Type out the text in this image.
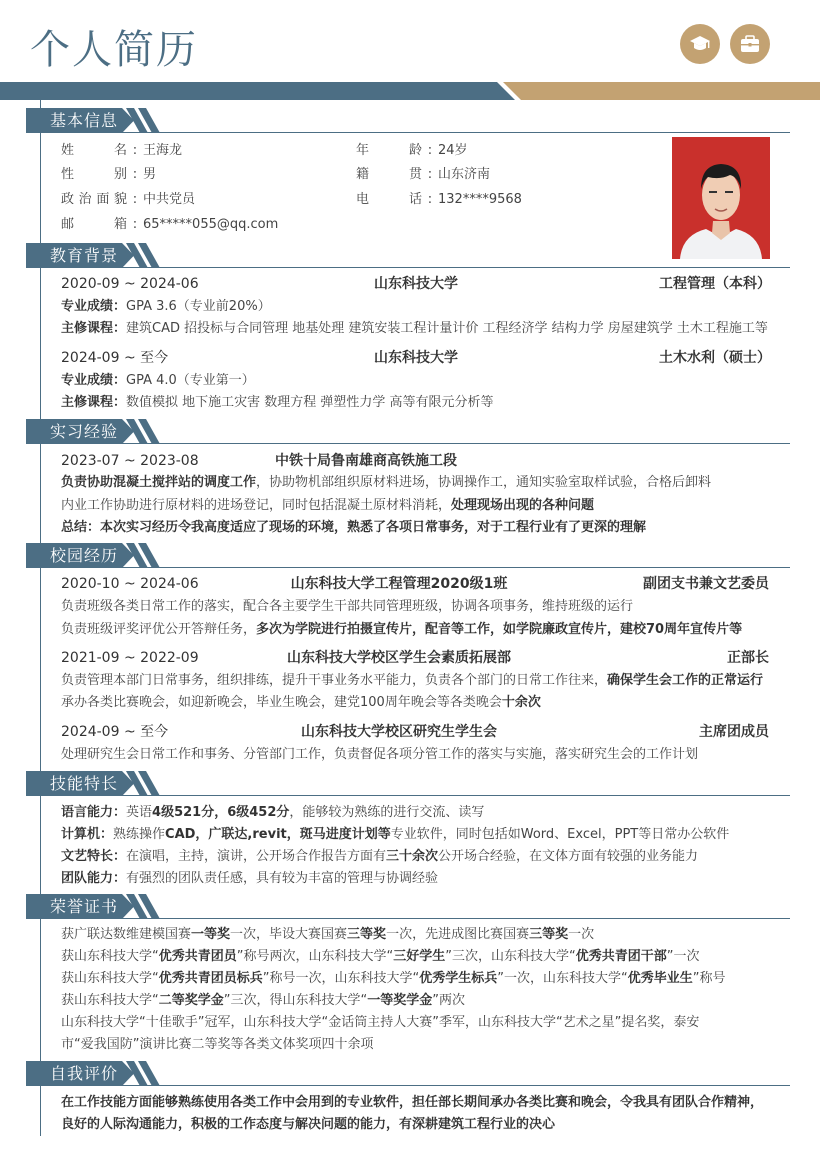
个人简历
基本信息
姓名 : 王海龙	年龄 : 24岁
性别 : 男	籍贯 : 山东济南
政治面貌 : 中共党员	电话 : 132****9568
邮箱 : 65*****055@qq.com
教育背景
2020-09 ~ 2024-06	山东科技大学	工程管理（本科）
专业成绩：GPA 3.6（专业前20%）
主修课程：建筑CAD 招投标与合同管理 地基处理 建筑安装工程计量计价 工程经济学 结构力学 房屋建筑学 土木工程施工等
2024-09 ~ 至今	山东科技大学	土木水利（硕士）
专业成绩：GPA 4.0（专业第一）
主修课程：数值模拟 地下施工灾害 数理方程 弹塑性力学 高等有限元分析等
实习经验
2023-07 ~ 2023-08	中铁十局鲁南雄商高铁施工段
负责协助混凝土搅拌站的调度工作，协助物机部组织原材料进场，协调操作工，通知实验室取样试验，合格后卸料
内业工作协助进行原材料的进场登记，同时包括混凝土原材料消耗，处理现场出现的各种问题
总结：本次实习经历令我高度适应了现场的环境，熟悉了各项日常事务，对于工程行业有了更深的理解
校园经历
2020-10 ~ 2024-06	山东科技大学工程管理2020级1班	副团支书兼文艺委员
负责班级各类日常工作的落实，配合各主要学生干部共同管理班级，协调各项事务，维持班级的运行
负责班级评奖评优公开答辩任务，多次为学院进行拍摄宣传片，配音等工作，如学院廉政宣传片，建校70周年宣传片等
2021-09 ~ 2022-09	山东科技大学校区学生会素质拓展部	正部长
负责管理本部门日常事务，组织排练，提升干事业务水平能力，负责各个部门的日常工作往来，确保学生会工作的正常运行
承办各类比赛晚会，如迎新晚会，毕业生晚会，建党100周年晚会等各类晚会十余次
2024-09 ~ 至今	山东科技大学校区研究生学生会	主席团成员
处理研究生会日常工作和事务、分管部门工作，负责督促各项分管工作的落实与实施，落实研究生会的工作计划
技能特长
语言能力：英语4级521分，6级452分，能够较为熟练的进行交流、读写
计算机：熟练操作CAD，广联达,revit，斑马进度计划等专业软件，同时包括如Word、Excel，PPT等日常办公软件
文艺特长：在演唱，主持，演讲，公开场合作报告方面有三十余次公开场合经验，在文体方面有较强的业务能力
团队能力：有强烈的团队责任感，具有较为丰富的管理与协调经验
荣誉证书
获广联达数维建模国赛一等奖一次，毕设大赛国赛三等奖一次，先进成图比赛国赛三等奖一次
获山东科技大学“优秀共青团员”称号两次，山东科技大学“三好学生”三次，山东科技大学“优秀共青团干部”一次
获山东科技大学“优秀共青团员标兵”称号一次，山东科技大学“优秀学生标兵”一次，山东科技大学“优秀毕业生”称号
获山东科技大学“二等奖学金”三次，得山东科技大学“一等奖学金”两次
山东科技大学“十佳歌手”冠军，山东科技大学“金话筒主持人大赛”季军，山东科技大学“艺术之星”提名奖，泰安
市“爱我国防”演讲比赛二等奖等各类文体奖项四十余项
自我评价
在工作技能方面能够熟练使用各类工作中会用到的专业软件，担任部长期间承办各类比赛和晚会，令我具有团队合作精神，
良好的人际沟通能力，积极的工作态度与解决问题的能力，有深耕建筑工程行业的决心
